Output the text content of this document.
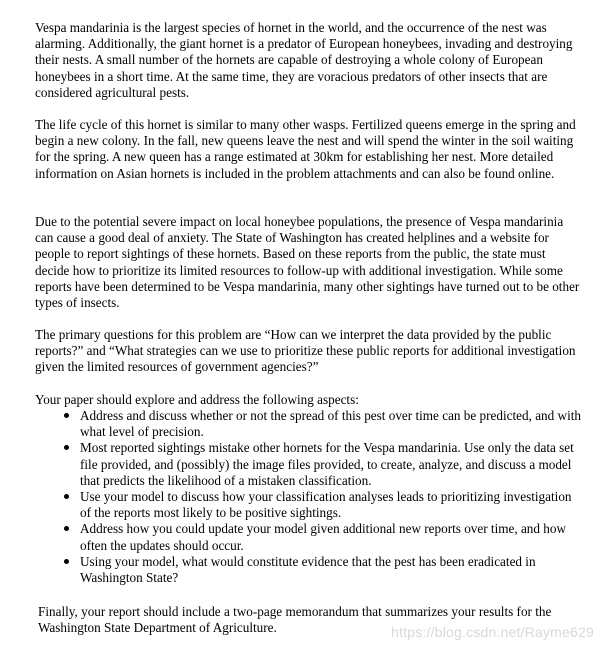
Vespa mandarinia is the largest species of hornet in the world, and the occurrence of the nest was alarming. Additionally, the giant hornet is a predator of European honeybees, invading and destroying their nests. A small number of the hornets are capable of destroying a whole colony of European honeybees in a short time. At the same time, they are voracious predators of other insects that are considered agricultural pests.

The life cycle of this hornet is similar to many other wasps. Fertilized queens emerge in the spring and begin a new colony. In the fall, new queens leave the nest and will spend the winter in the soil waiting for the spring. A new queen has a range estimated at 30km for establishing her nest. More detailed information on Asian hornets is included in the problem attachments and can also be found online.

Due to the potential severe impact on local honeybee populations, the presence of Vespa mandarinia can cause a good deal of anxiety. The State of Washington has created helplines and a website for people to report sightings of these hornets. Based on these reports from the public, the state must decide how to prioritize its limited resources to follow-up with additional investigation. While some reports have been determined to be Vespa mandarinia, many other sightings have turned out to be other types of insects.

The primary questions for this problem are “How can we interpret the data provided by the public reports?” and “What strategies can we use to prioritize these public reports for additional investigation given the limited resources of government agencies?”

Your paper should explore and address the following aspects:

Address and discuss whether or not the spread of this pest over time can be predicted, and with what level of precision.
Most reported sightings mistake other hornets for the Vespa mandarinia. Use only the data set file provided, and (possibly) the image files provided, to create, analyze, and discuss a model that predicts the likelihood of a mistaken classification.
Use your model to discuss how your classification analyses leads to prioritizing investigation of the reports most likely to be positive sightings.
Address how you could update your model given additional new reports over time, and how often the updates should occur.
Using your model, what would constitute evidence that the pest has been eradicated in Washington State?

Finally, your report should include a two-page memorandum that summarizes your results for the Washington State Department of Agriculture.	https://blog.csdn.net/Rayme629
